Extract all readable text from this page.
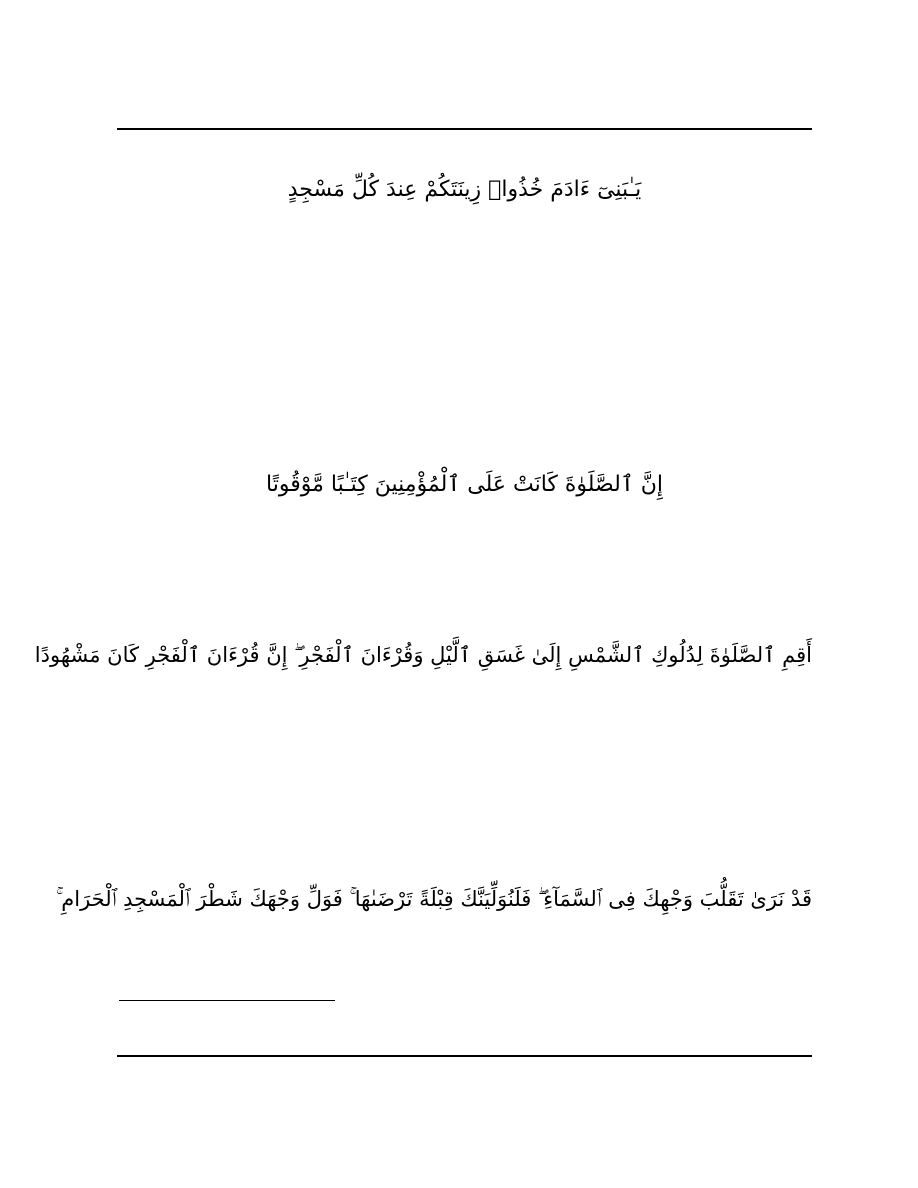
يَـٰبَنِىٓ ءَادَمَ خُذُوا۟ زِينَتَكُمْ عِندَ كُلِّ مَسْجِدٍ
إِنَّ ٱلصَّلَوٰةَ كَانَتْ عَلَى ٱلْمُؤْمِنِينَ كِتَـٰبًا مَّوْقُوتًا
أَقِمِ ٱلصَّلَوٰةَ لِدُلُوكِ ٱلشَّمْسِ إِلَىٰ غَسَقِ ٱلَّيْلِ وَقُرْءَانَ ٱلْفَجْرِ ۖ إِنَّ قُرْءَانَ ٱلْفَجْرِ كَانَ مَشْهُودًا
قَدْ نَرَىٰ تَقَلُّبَ وَجْهِكَ فِى ٱلسَّمَآءِ ۖ فَلَنُوَلِّيَنَّكَ قِبْلَةً تَرْضَىٰهَا ۚ فَوَلِّ وَجْهَكَ شَطْرَ ٱلْمَسْجِدِ ٱلْحَرَامِ ۚ
